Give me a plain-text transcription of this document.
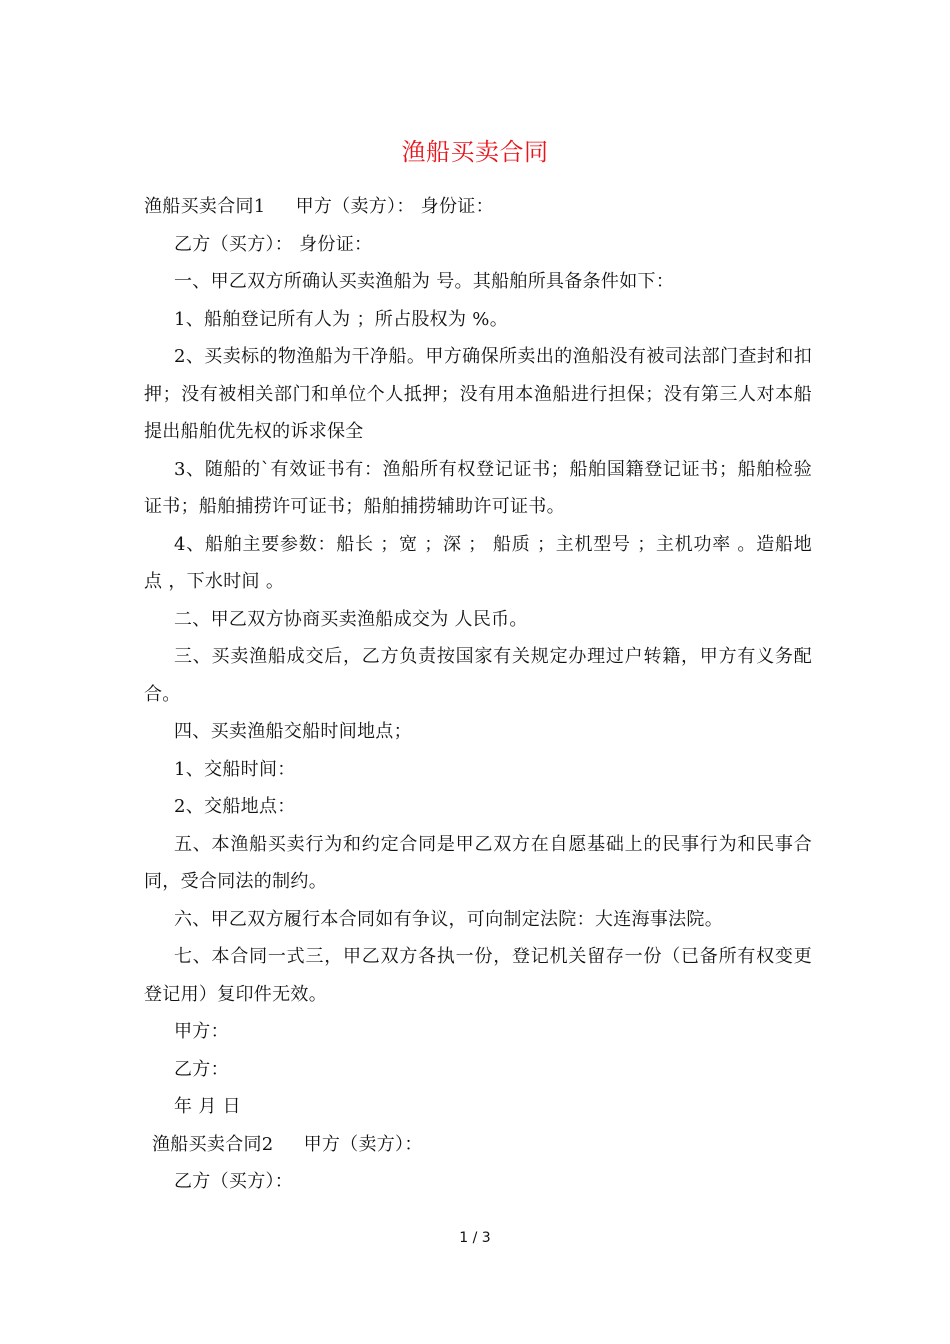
渔船买卖合同

渔船买卖合同1 甲方（卖方）： 身份证：

乙方（买方）： 身份证：

一、甲乙双方所确认买卖渔船为 号。其船舶所具备条件如下：

1、船舶登记所有人为 ；所占股权为 %。

2、买卖标的物渔船为干净船。甲方确保所卖出的渔船没有被司法部门查封和扣押；没有被相关部门和单位个人抵押；没有用本渔船进行担保；没有第三人对本船提出船舶优先权的诉求保全

3、随船的`有效证书有：渔船所有权登记证书；船舶国籍登记证书；船舶检验证书；船舶捕捞许可证书；船舶捕捞辅助许可证书。

4、船舶主要参数：船长 ；宽 ；深 ； 船质 ；主机型号 ；主机功率 。造船地点 ，下水时间 。

二、甲乙双方协商买卖渔船成交为 人民币。

三、买卖渔船成交后，乙方负责按国家有关规定办理过户转籍，甲方有义务配合。

四、买卖渔船交船时间地点；

1、交船时间：

2、交船地点：

五、本渔船买卖行为和约定合同是甲乙双方在自愿基础上的民事行为和民事合同，受合同法的制约。

六、甲乙双方履行本合同如有争议，可向制定法院：大连海事法院。

七、本合同一式三，甲乙双方各执一份，登记机关留存一份（已备所有权变更登记用）复印件无效。

甲方：

乙方：

年 月 日

渔船买卖合同2 甲方（卖方）：

乙方（买方）：

1 / 3
